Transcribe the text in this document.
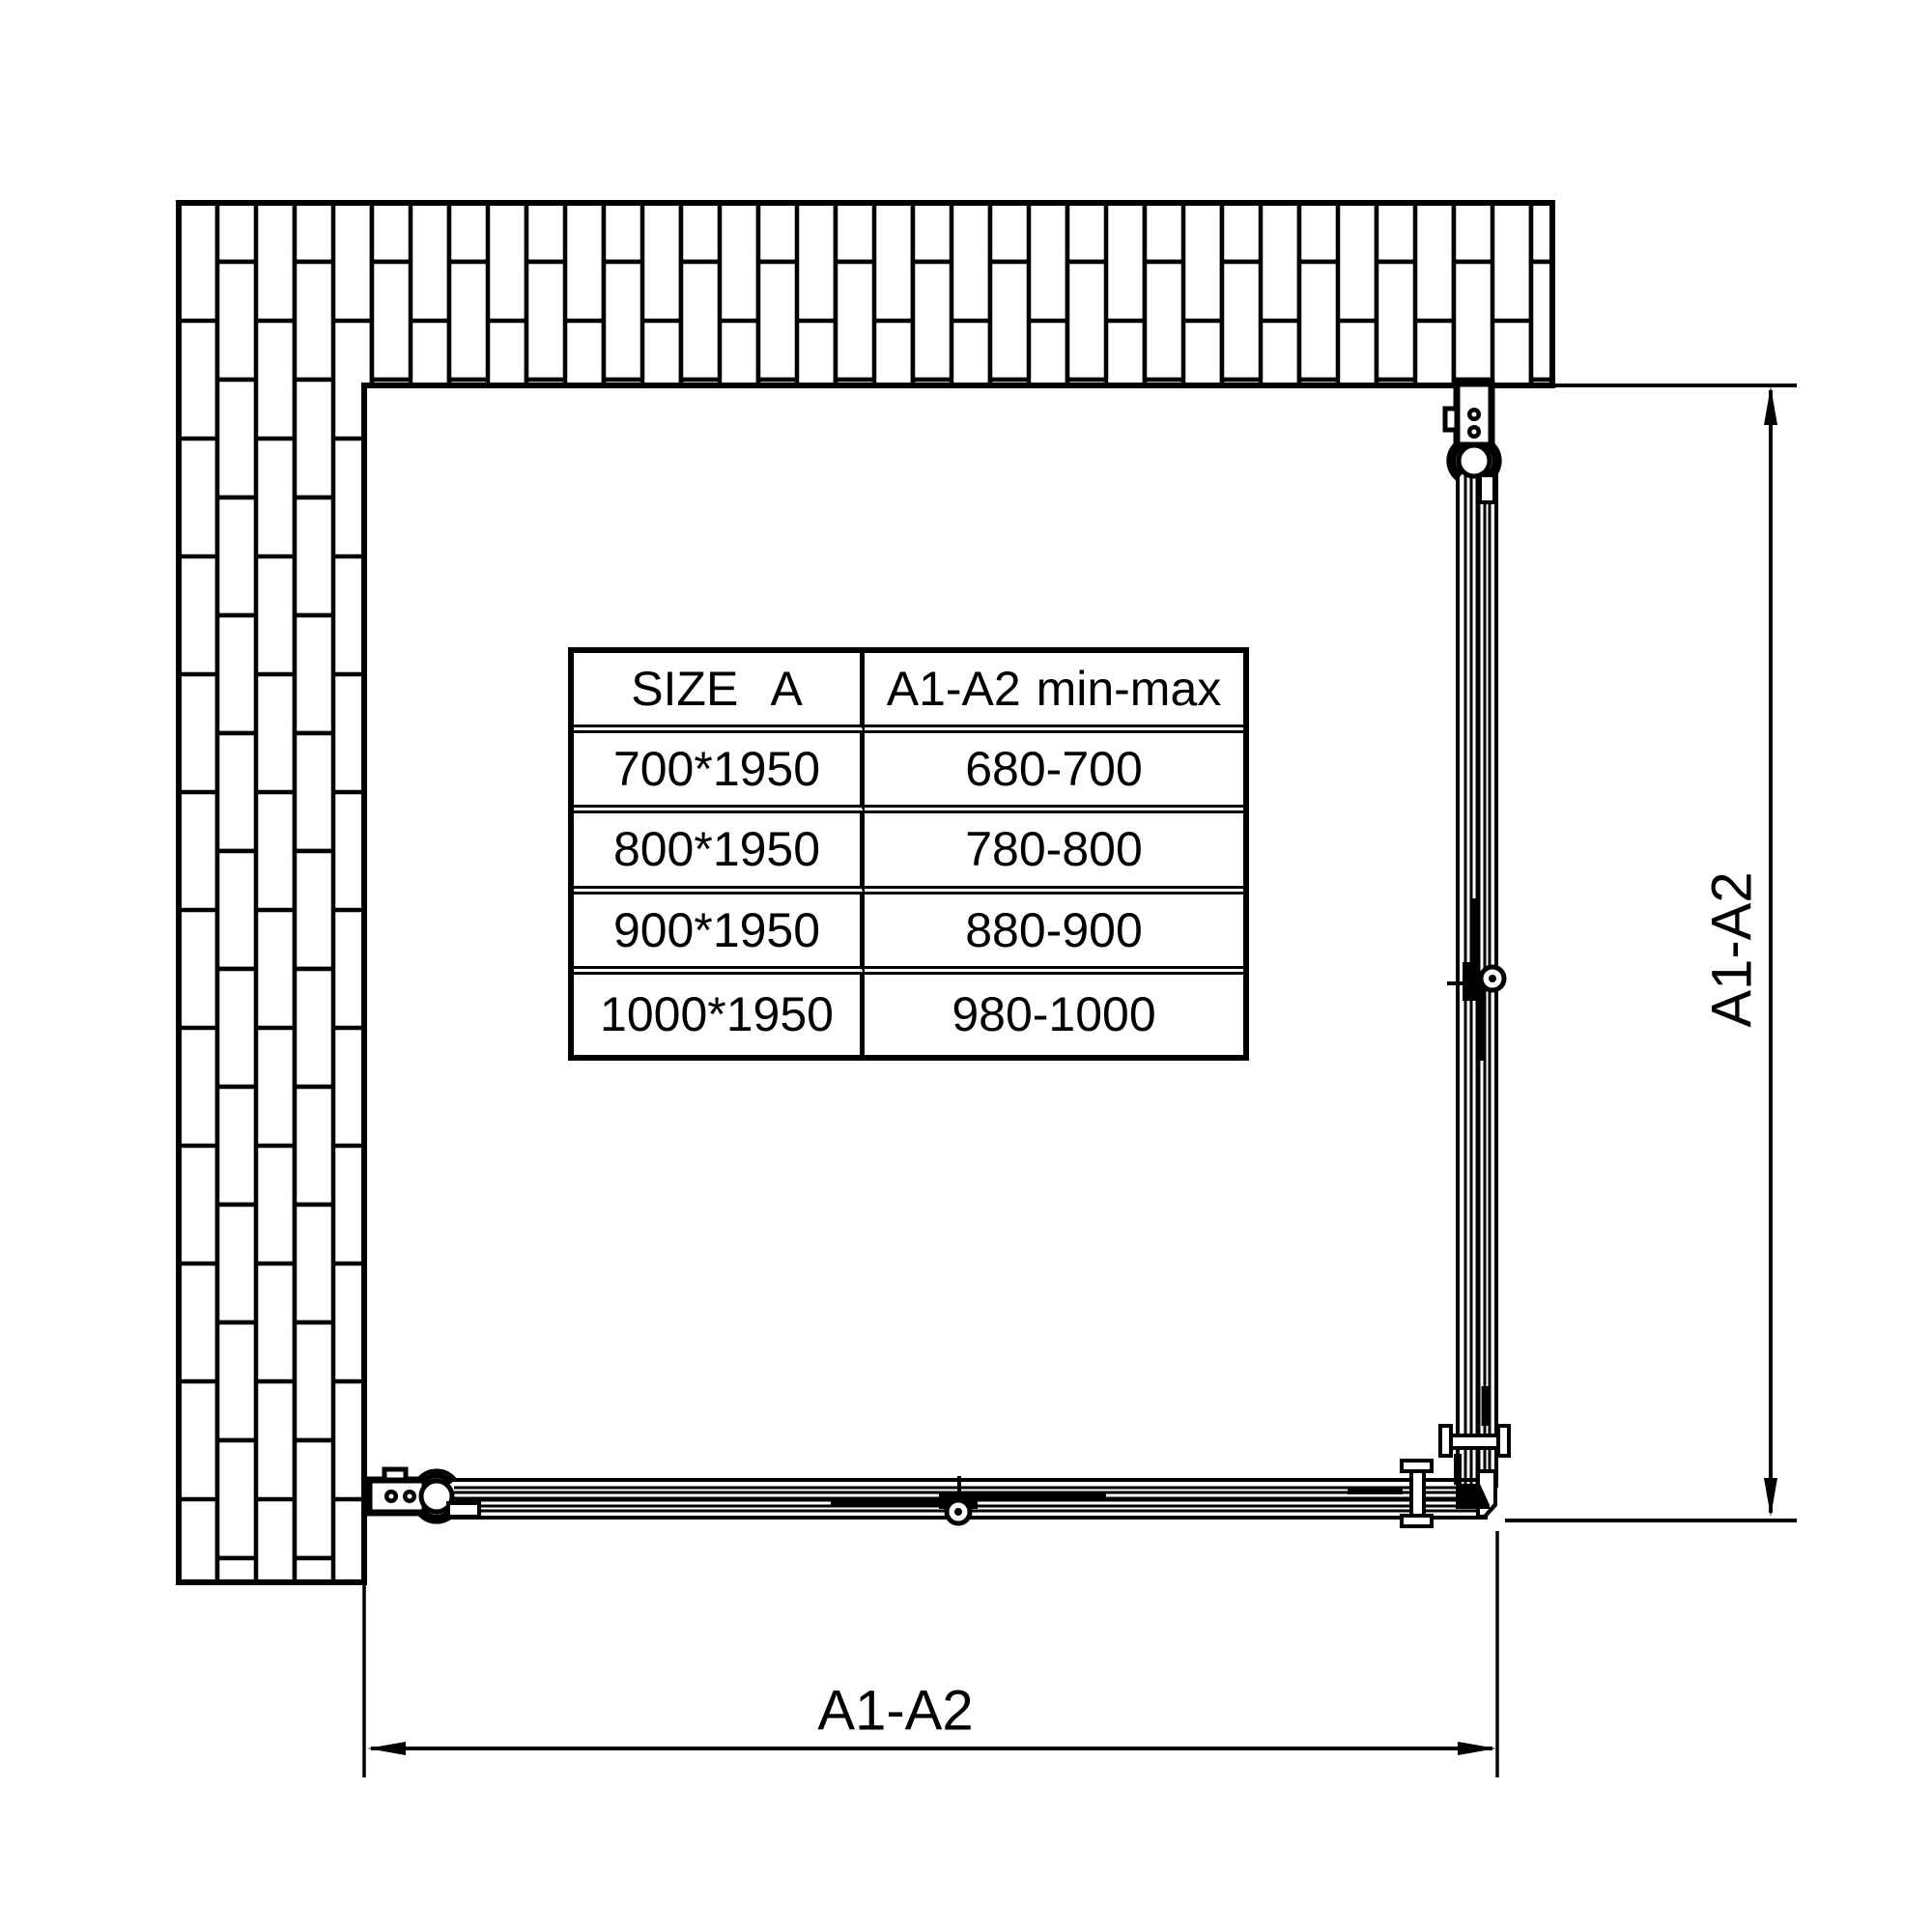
SIZE A	A1-A2 min-max
700*1950	680-700
800*1950	780-800
900*1950	880-900
1000*1950	980-1000
A1-A2
A1-A2
